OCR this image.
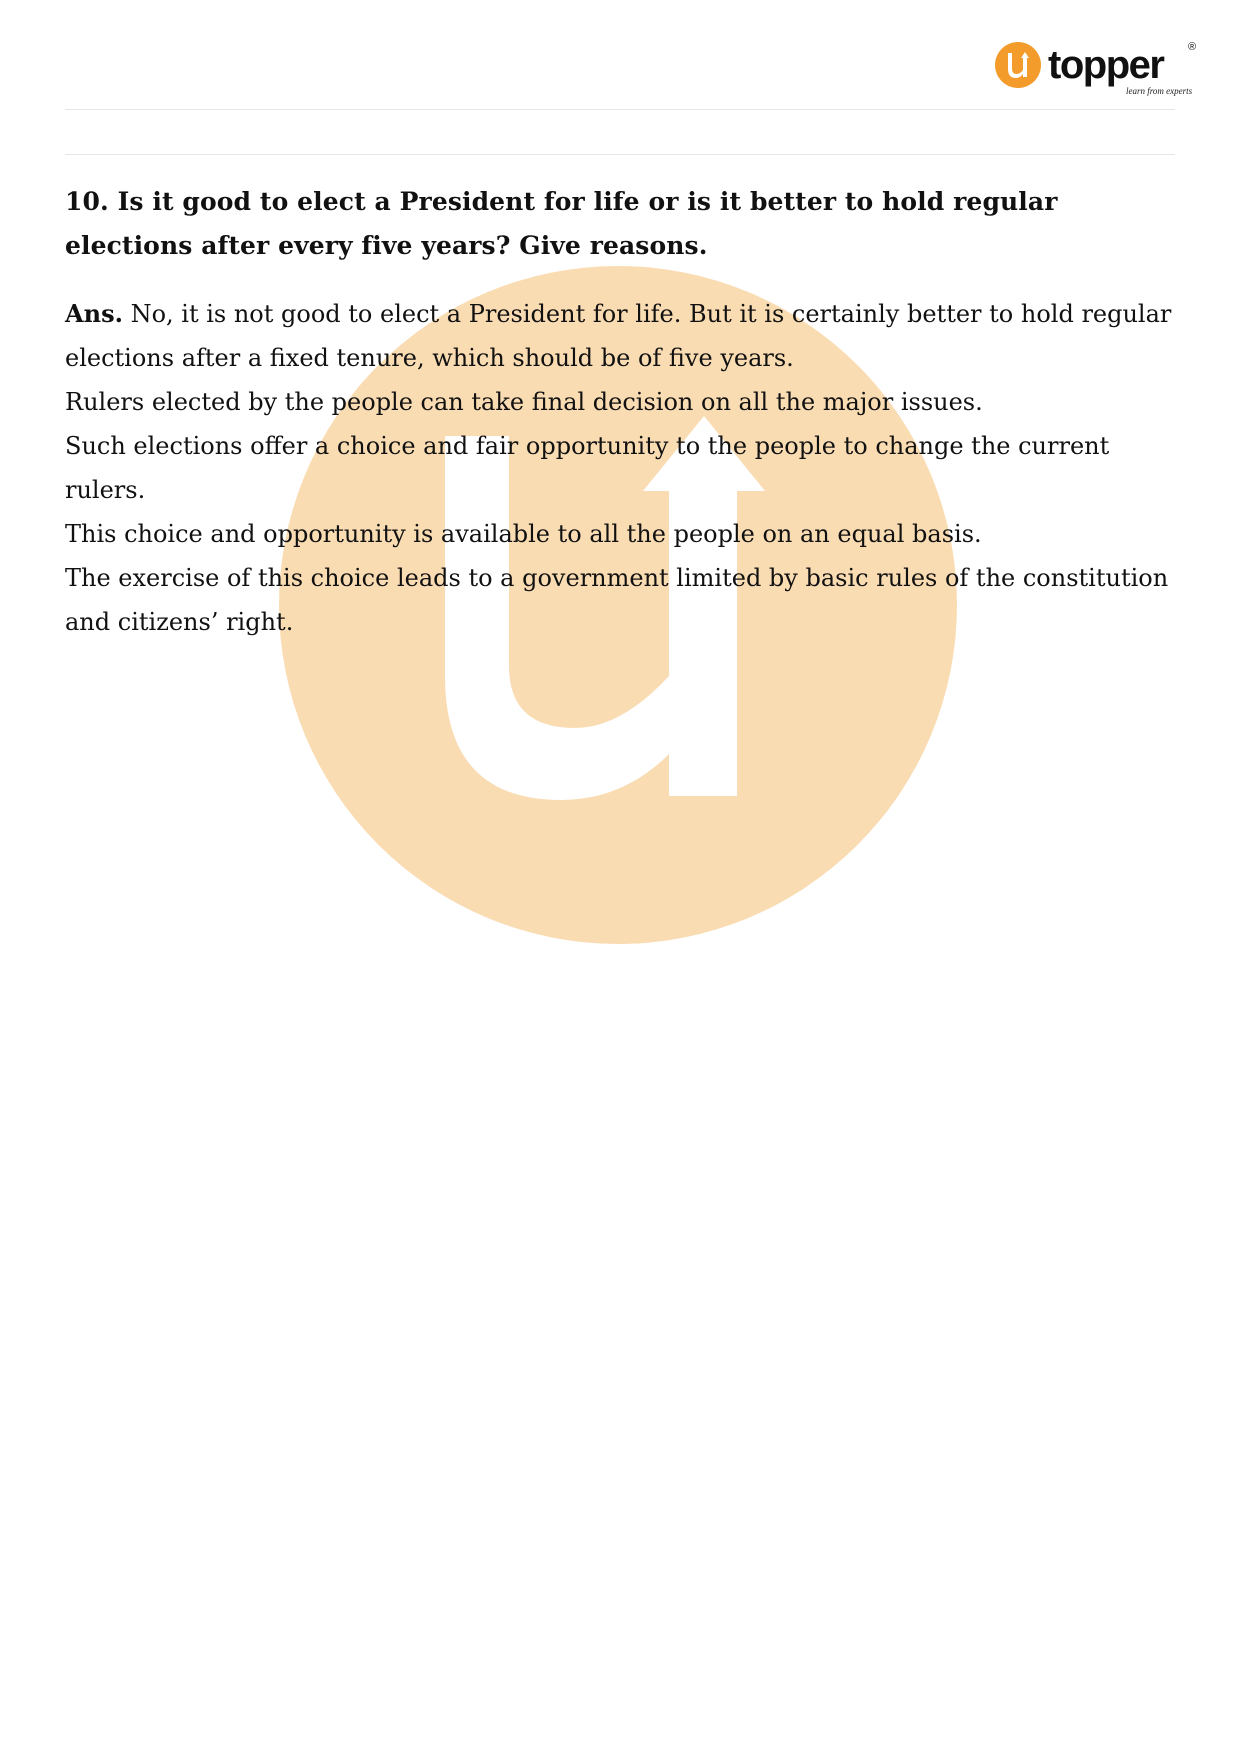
topper ®
learn from experts

10. Is it good to elect a President for life or is it better to hold regular elections after every five years? Give reasons.

Ans. No, it is not good to elect a President for life. But it is certainly better to hold regular elections after a fixed tenure, which should be of five years.

Rulers elected by the people can take final decision on all the major issues.

Such elections offer a choice and fair opportunity to the people to change the current rulers.

This choice and opportunity is available to all the people on an equal basis.

The exercise of this choice leads to a government limited by basic rules of the constitution and citizens’ right.
